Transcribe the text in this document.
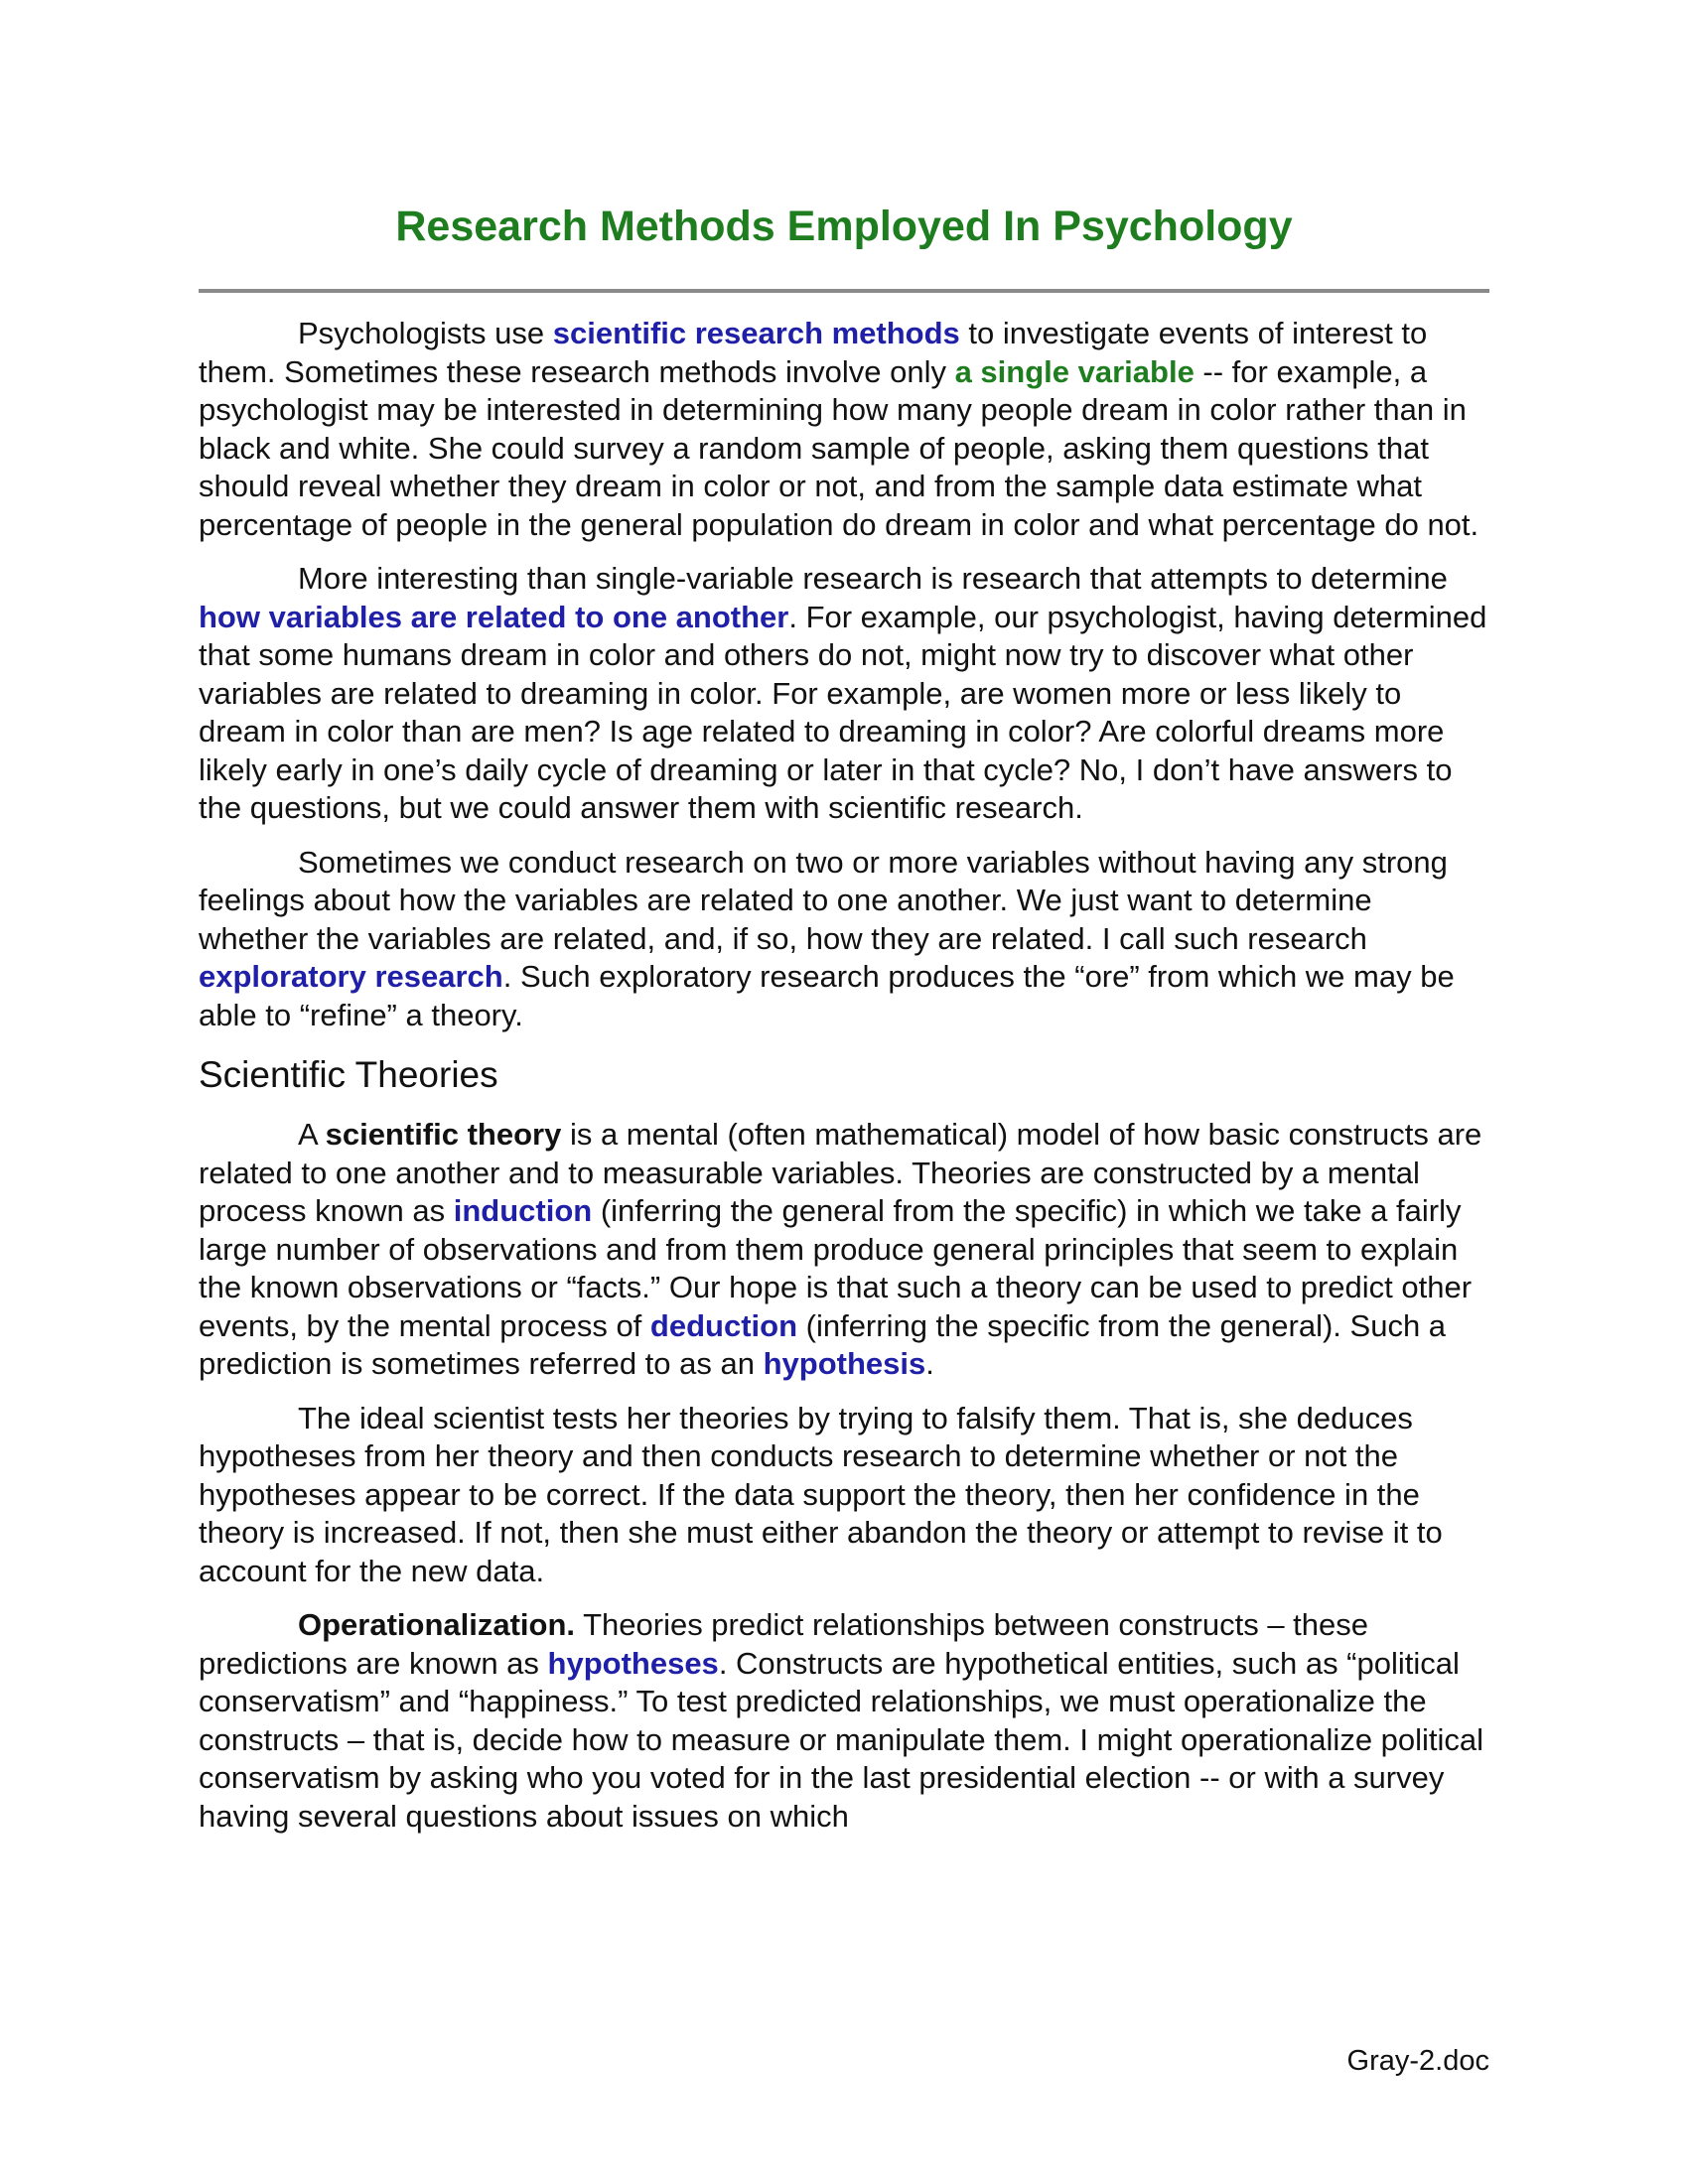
Research Methods Employed In Psychology

Psychologists use scientific research methods to investigate events of interest to them. Sometimes these research methods involve only a single variable -- for example, a psychologist may be interested in determining how many people dream in color rather than in black and white. She could survey a random sample of people, asking them questions that should reveal whether they dream in color or not, and from the sample data estimate what percentage of people in the general population do dream in color and what percentage do not.

More interesting than single-variable research is research that attempts to determine how variables are related to one another. For example, our psychologist, having determined that some humans dream in color and others do not, might now try to discover what other variables are related to dreaming in color. For example, are women more or less likely to dream in color than are men? Is age related to dreaming in color? Are colorful dreams more likely early in one’s daily cycle of dreaming or later in that cycle? No, I don’t have answers to the questions, but we could answer them with scientific research.

Sometimes we conduct research on two or more variables without having any strong feelings about how the variables are related to one another. We just want to determine whether the variables are related, and, if so, how they are related. I call such research exploratory research. Such exploratory research produces the “ore” from which we may be able to “refine” a theory.

Scientific Theories

A scientific theory is a mental (often mathematical) model of how basic constructs are related to one another and to measurable variables. Theories are constructed by a mental process known as induction (inferring the general from the specific) in which we take a fairly large number of observations and from them produce general principles that seem to explain the known observations or “facts.” Our hope is that such a theory can be used to predict other events, by the mental process of deduction (inferring the specific from the general). Such a prediction is sometimes referred to as an hypothesis.

The ideal scientist tests her theories by trying to falsify them. That is, she deduces hypotheses from her theory and then conducts research to determine whether or not the hypotheses appear to be correct. If the data support the theory, then her confidence in the theory is increased. If not, then she must either abandon the theory or attempt to revise it to account for the new data.

Operationalization. Theories predict relationships between constructs – these predictions are known as hypotheses. Constructs are hypothetical entities, such as “political conservatism” and “happiness.” To test predicted relationships, we must operationalize the constructs – that is, decide how to measure or manipulate them. I might operationalize political conservatism by asking who you voted for in the last presidential election -- or with a survey having several questions about issues on which

Gray-2.doc
